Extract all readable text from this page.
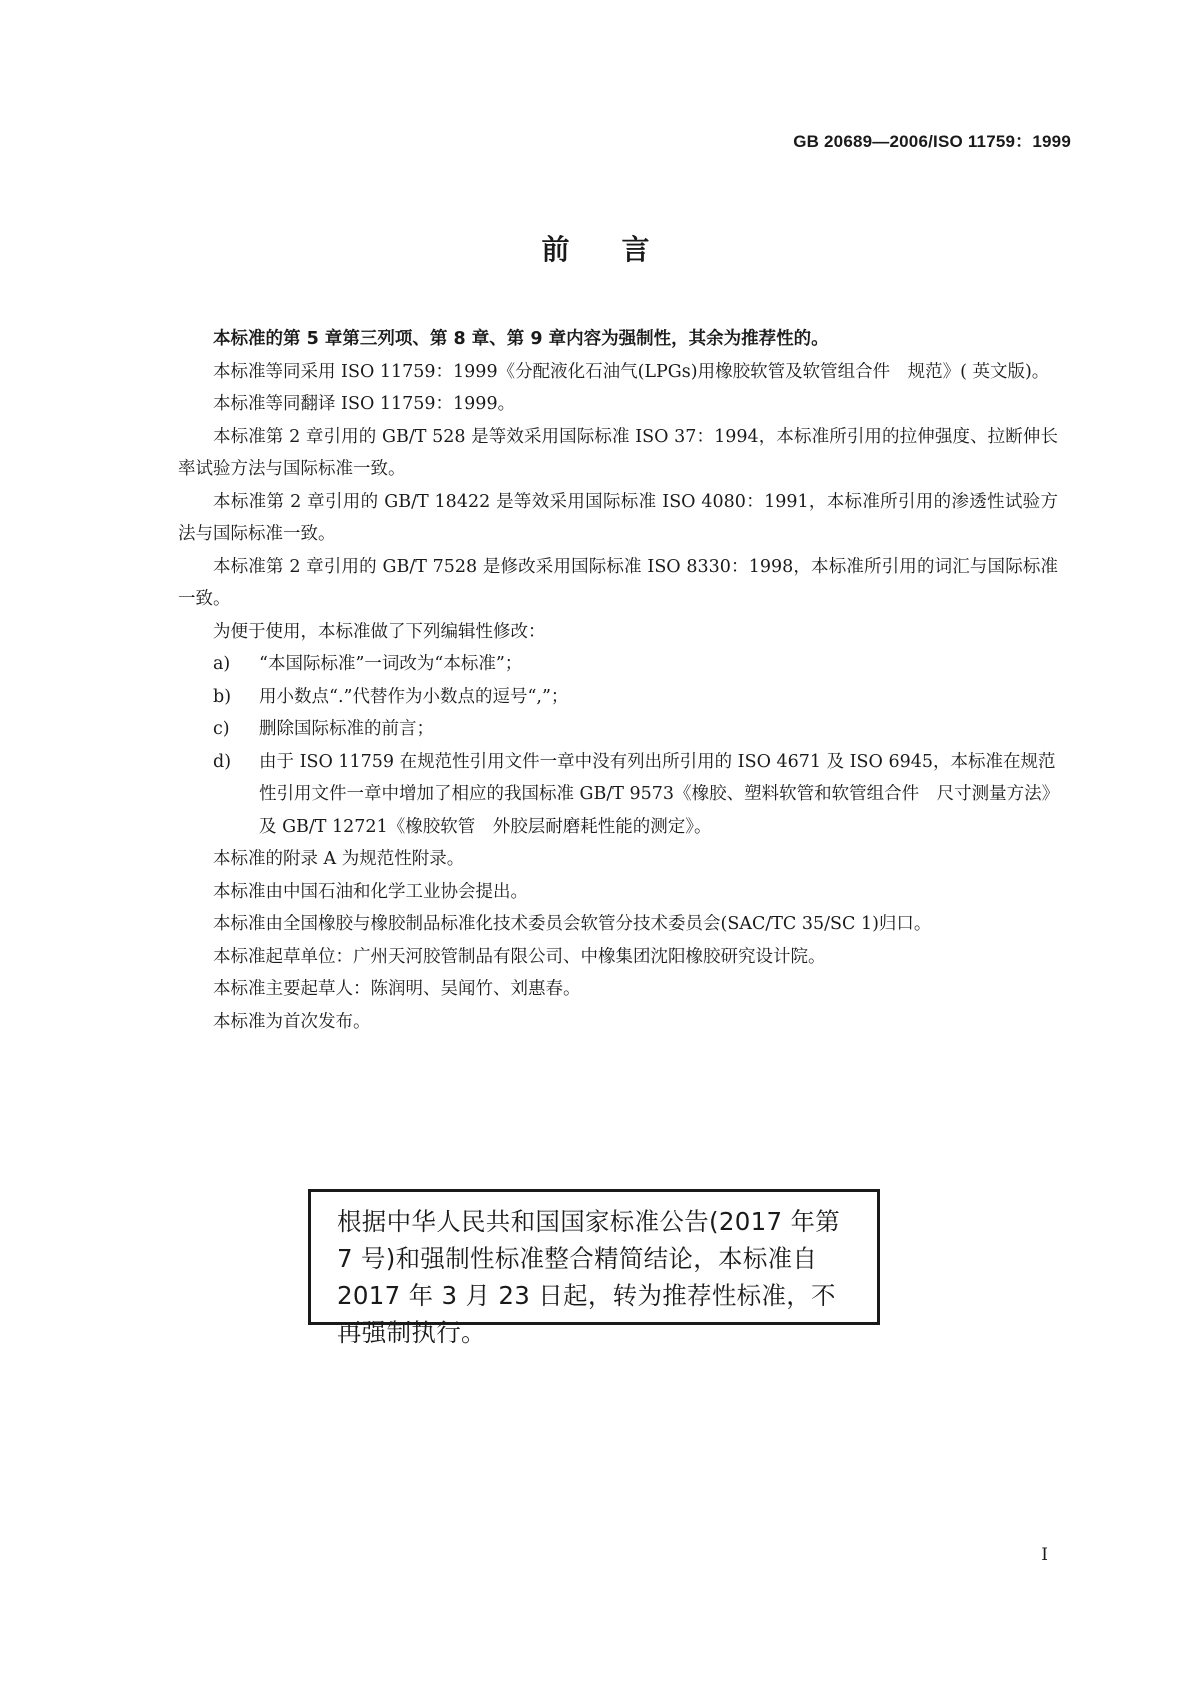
GB 20689—2006/ISO 11759：1999
前言

本标准的第 5 章第三列项、第 8 章、第 9 章内容为强制性，其余为推荐性的。

本标准等同采用 ISO 11759：1999《分配液化石油气(LPGs)用橡胶软管及软管组合件　规范》( 英文版)。

本标准等同翻译 ISO 11759：1999。

本标准第 2 章引用的 GB/T 528 是等效采用国际标准 ISO 37：1994，本标准所引用的拉伸强度、拉断伸长率试验方法与国际标准一致。

本标准第 2 章引用的 GB/T 18422 是等效采用国际标准 ISO 4080：1991，本标准所引用的渗透性试验方法与国际标准一致。

本标准第 2 章引用的 GB/T 7528 是修改采用国际标准 ISO 8330：1998，本标准所引用的词汇与国际标准一致。

为便于使用，本标准做了下列编辑性修改：

a)	“本国际标准”一词改为“本标准”；
b)	用小数点“.”代替作为小数点的逗号“,”；
c)	删除国际标准的前言；
d)	由于 ISO 11759 在规范性引用文件一章中没有列出所引用的 ISO 4671 及 ISO 6945，本标准在规范性引用文件一章中增加了相应的我国标准 GB/T 9573《橡胶、塑料软管和软管组合件　尺寸测量方法》及 GB/T 12721《橡胶软管　外胶层耐磨耗性能的测定》。

本标准的附录 A 为规范性附录。

本标准由中国石油和化学工业协会提出。

本标准由全国橡胶与橡胶制品标准化技术委员会软管分技术委员会(SAC/TC 35/SC 1)归口。

本标准起草单位：广州天河胶管制品有限公司、中橡集团沈阳橡胶研究设计院。

本标准主要起草人：陈润明、吴闻竹、刘惠春。

本标准为首次发布。

根据中华人民共和国国家标准公告(2017 年第 7 号)和强制性标准整合精简结论，本标准自 2017 年 3 月 23 日起，转为推荐性标准，不再强制执行。
I
